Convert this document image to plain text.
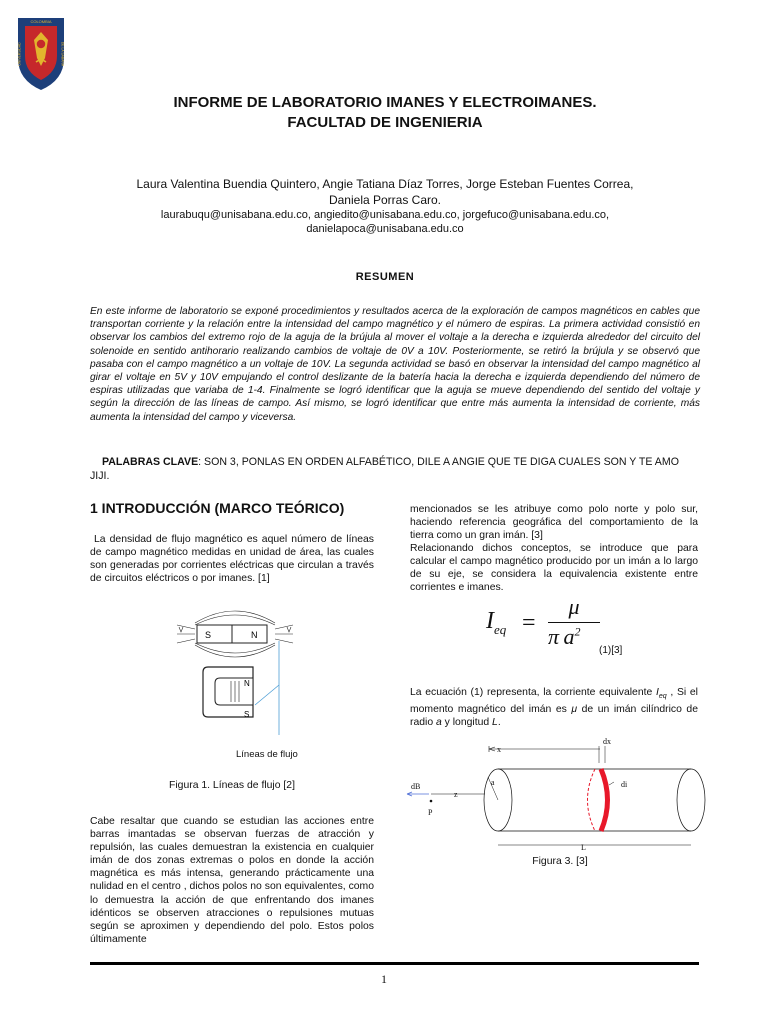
COLOMBIA
UNIVERSIDAD	DE LA SABANA
INFORME DE LABORATORIO IMANES Y ELECTROIMANES.
FACULTAD DE INGENIERIA
Laura Valentina Buendia Quintero, Angie Tatiana Díaz Torres, Jorge Esteban Fuentes Correa,
Daniela Porras Caro.
laurabuqu@unisabana.edu.co, angiedito@unisabana.edu.co, jorgefuco@unisabana.edu.co,
danielapoca@unisabana.edu.co
RESUMEN
En este informe de laboratorio se exponé procedimientos y resultados acerca de la exploración de campos magnéticos en cables que transportan corriente y la relación entre la intensidad del campo magnético y el número de espiras. La primera actividad consistió en observar los cambios del extremo rojo de la aguja de la brújula al mover el voltaje a la derecha e izquierda alrededor del circuito del solenoide en sentido antihorario realizando cambios de voltaje de 0V a 10V. Posteriormente, se retiró la brújula y se observó que pasaba con el campo magnético a un voltaje de 10V. La segunda actividad se basó en observar la intensidad del campo magnético al girar el voltaje en 5V y 10V empujando el control deslizante de la batería hacia la derecha e izquierda dependiendo del número de espiras utilizadas que variaba de 1-4. Finalmente se logró identificar que la aguja se mueve dependiendo del sentido del voltaje y según la dirección de las líneas de campo. Así mismo, se logró identificar que entre más aumenta la intensidad de corriente, más aumenta la intensidad del campo y viceversa.
PALABRAS CLAVE: SON 3, PONLAS EN ORDEN ALFABÉTICO, DILE A ANGIE QUE TE DIGA CUALES SON Y TE AMO JIJI.
1 INTRODUCCIÓN (MARCO TEÓRICO)
La densidad de flujo magnético es aquel número de líneas de campo magnético medidas en unidad de área, las cuales son generadas por corrientes eléctricas que circulan a través de circuitos eléctricos o por imanes. [1]
S	N
N
S
Líneas de flujo
Figura 1. Líneas de flujo [2]
Cabe resaltar que cuando se estudian las acciones entre barras imantadas se observan fuerzas de atracción y repulsión, las cuales demuestran la existencia en cualquier imán de dos zonas extremas o polos en donde la acción magnética es más intensa, generando prácticamente una nulidad en el centro , dichos polos no son equivalentes, como lo demuestra la acción de que enfrentando dos imanes idénticos se observen atracciones o repulsiones mutuas según se aproximen y dependiendo del polo. Estos polos últimamente
mencionados se les atribuye como polo norte y polo sur, haciendo referencia geográfica del comportamiento de la tierra como un gran imán. [3]
Relacionando dichos conceptos, se introduce que para calcular el campo magnético producido por un imán a lo largo de su eje, se considera la equivalencia existente entre corrientes e imanes.
$I_{eq}$ =
μ
π  $a^2$
(1)[3]
La ecuación (1) representa, la corriente equivalente $I_{eq}$ , Si el momento magnético del imán es μ de un imán cilíndrico de radio a y longitud L.
x
dx
a	di
z
dB
P
L
Figura 3. [3]
1
